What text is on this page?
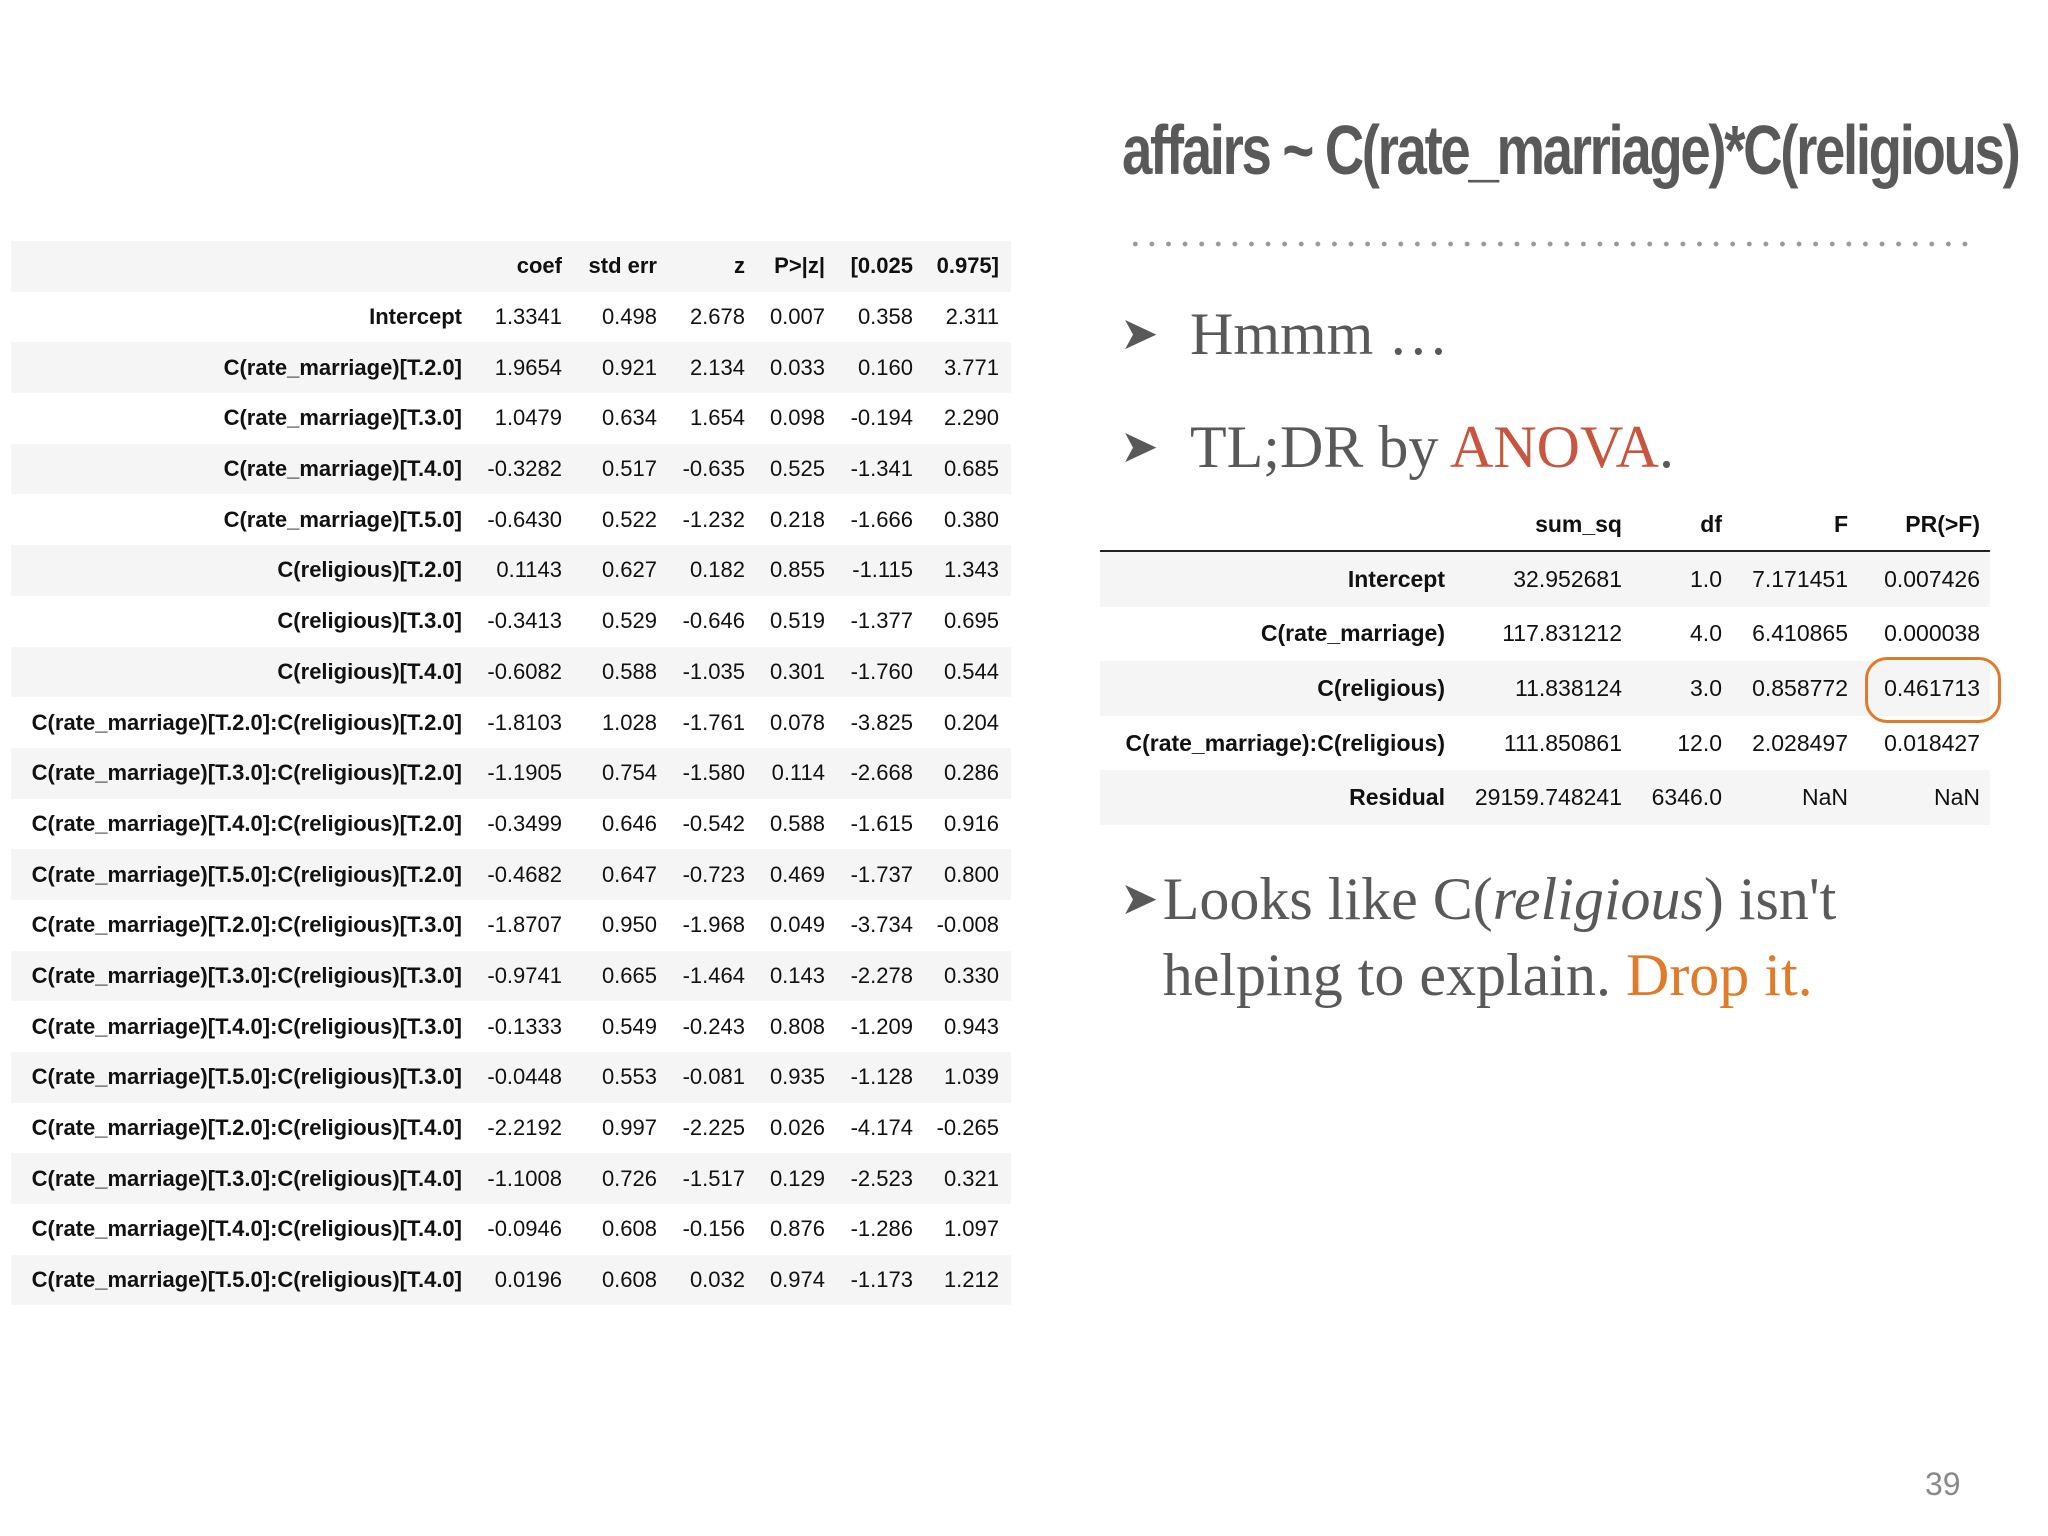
	coef	std err	z	P>|z|	[0.025	0.975]
Intercept	1.3341	0.498	2.678	0.007	0.358	2.311
C(rate_marriage)[T.2.0]	1.9654	0.921	2.134	0.033	0.160	3.771
C(rate_marriage)[T.3.0]	1.0479	0.634	1.654	0.098	-0.194	2.290
C(rate_marriage)[T.4.0]	-0.3282	0.517	-0.635	0.525	-1.341	0.685
C(rate_marriage)[T.5.0]	-0.6430	0.522	-1.232	0.218	-1.666	0.380
C(religious)[T.2.0]	0.1143	0.627	0.182	0.855	-1.115	1.343
C(religious)[T.3.0]	-0.3413	0.529	-0.646	0.519	-1.377	0.695
C(religious)[T.4.0]	-0.6082	0.588	-1.035	0.301	-1.760	0.544
C(rate_marriage)[T.2.0]:C(religious)[T.2.0]	-1.8103	1.028	-1.761	0.078	-3.825	0.204
C(rate_marriage)[T.3.0]:C(religious)[T.2.0]	-1.1905	0.754	-1.580	0.114	-2.668	0.286
C(rate_marriage)[T.4.0]:C(religious)[T.2.0]	-0.3499	0.646	-0.542	0.588	-1.615	0.916
C(rate_marriage)[T.5.0]:C(religious)[T.2.0]	-0.4682	0.647	-0.723	0.469	-1.737	0.800
C(rate_marriage)[T.2.0]:C(religious)[T.3.0]	-1.8707	0.950	-1.968	0.049	-3.734	-0.008
C(rate_marriage)[T.3.0]:C(religious)[T.3.0]	-0.9741	0.665	-1.464	0.143	-2.278	0.330
C(rate_marriage)[T.4.0]:C(religious)[T.3.0]	-0.1333	0.549	-0.243	0.808	-1.209	0.943
C(rate_marriage)[T.5.0]:C(religious)[T.3.0]	-0.0448	0.553	-0.081	0.935	-1.128	1.039
C(rate_marriage)[T.2.0]:C(religious)[T.4.0]	-2.2192	0.997	-2.225	0.026	-4.174	-0.265
C(rate_marriage)[T.3.0]:C(religious)[T.4.0]	-1.1008	0.726	-1.517	0.129	-2.523	0.321
C(rate_marriage)[T.4.0]:C(religious)[T.4.0]	-0.0946	0.608	-0.156	0.876	-1.286	1.097
C(rate_marriage)[T.5.0]:C(religious)[T.4.0]	0.0196	0.608	0.032	0.974	-1.173	1.212
affairs ~ C(rate_marriage)*C(religious)
➤ Hmmm …
➤ TL;DR by ANOVA.
	sum_sq	df	F	PR(>F)
Intercept	32.952681	1.0	7.171451	0.007426
C(rate_marriage)	117.831212	4.0	6.410865	0.000038
C(religious)	11.838124	3.0	0.858772	0.461713
C(rate_marriage):C(religious)	111.850861	12.0	2.028497	0.018427
Residual	29159.748241	6346.0	NaN	NaN
➤ Looks like C(religious) isn't helping to explain. Drop it.
39
